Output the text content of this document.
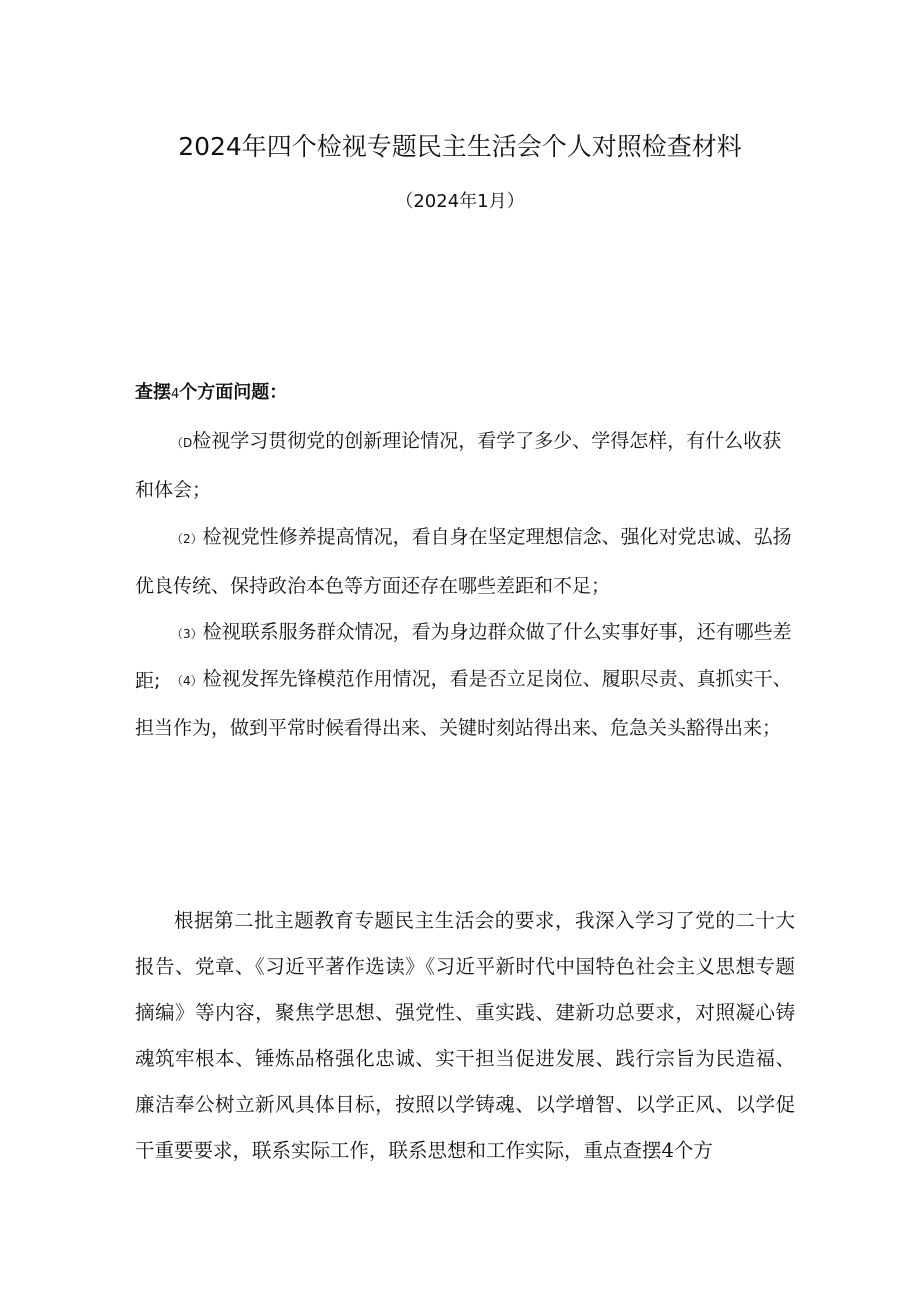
2024年四个检视专题民主生活会个人对照检查材料
（2024年1月）
查摆4个方面问题：
（D检视学习贯彻党的创新理论情况，看学了多少、学得怎样，有什么收获和体会；
（2）检视党性修养提高情况，看自身在坚定理想信念、强化对党忠诚、弘扬优良传统、保持政治本色等方面还存在哪些差距和不足；
（3）检视联系服务群众情况，看为身边群众做了什么实事好事，还有哪些差距; （4）检视发挥先锋模范作用情况，看是否立足岗位、履职尽责、真抓实干、担当作为，做到平常时候看得出来、关键时刻站得出来、危急关头豁得出来；
根据第二批主题教育专题民主生活会的要求，我深入学习了党的二十大报告、党章、《习近平著作选读》《习近平新时代中国特色社会主义思想专题摘编》等内容，聚焦学思想、强党性、重实践、建新功总要求，对照凝心铸魂筑牢根本、锤炼品格强化忠诚、实干担当促进发展、践行宗旨为民造福、廉洁奉公树立新风具体目标，按照以学铸魂、以学增智、以学正风、以学促干重要要求，联系实际工作，联系思想和工作实际，重点查摆4个方
